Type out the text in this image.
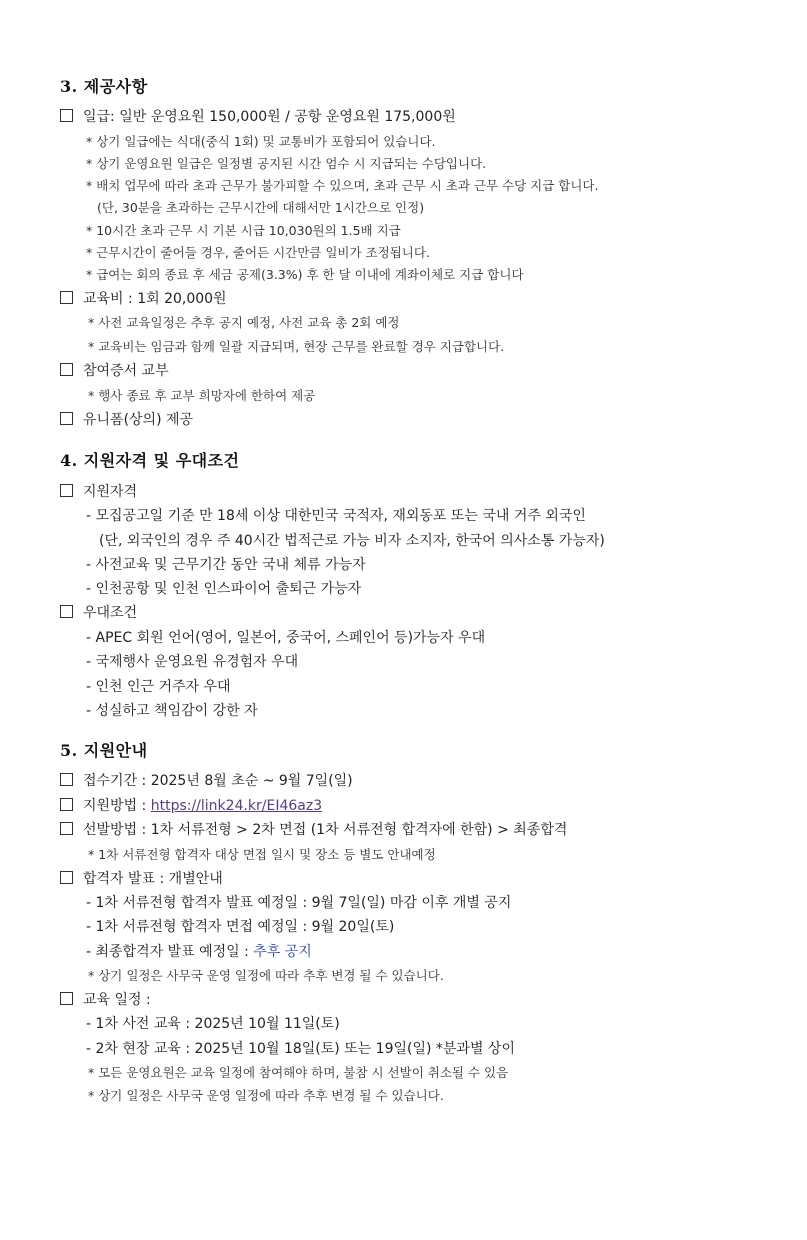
3. 제공사항
일급: 일반 운영요원 150,000원 / 공항 운영요원 175,000원
* 상기 일급에는 식대(중식 1회) 및 교통비가 포함되어 있습니다.
* 상기 운영요원 일급은 일정별 공지된 시간 엄수 시 지급되는 수당입니다.
* 배치 업무에 따라 초과 근무가 불가피할 수 있으며, 초과 근무 시 초과 근무 수당 지급 합니다.
(단, 30분을 초과하는 근무시간에 대해서만 1시간으로 인정)
* 10시간 초과 근무 시 기본 시급 10,030원의 1.5배 지급
* 근무시간이 줄어들 경우, 줄어든 시간만큼 일비가 조정됩니다.
* 급여는 회의 종료 후 세금 공제(3.3%) 후 한 달 이내에 계좌이체로 지급 합니다
교육비 : 1회 20,000원
* 사전 교육일정은 추후 공지 예정, 사전 교육 총 2회 예정
* 교육비는 임금과 함께 일괄 지급되며, 현장 근무를 완료할 경우 지급합니다.
참여증서 교부
* 행사 종료 후 교부 희망자에 한하여 제공
유니폼(상의) 제공
4. 지원자격 및 우대조건
지원자격
- 모집공고일 기준 만 18세 이상 대한민국 국적자, 재외동포 또는 국내 거주 외국인
(단, 외국인의 경우 주 40시간 법적근로 가능 비자 소지자, 한국어 의사소통 가능자)
- 사전교육 및 근무기간 동안 국내 체류 가능자
- 인천공항 및 인천 인스파이어 출퇴근 가능자
우대조건
- APEC 회원 언어(영어, 일본어, 중국어, 스페인어 등)가능자 우대
- 국제행사 운영요원 유경험자 우대
- 인천 인근 거주자 우대
- 성실하고 책임감이 강한 자
5. 지원안내
접수기간 : 2025년 8월 초순 ~ 9월 7일(일)
지원방법 : https://link24.kr/EI46az3
선발방법 : 1차 서류전형 > 2차 면접 (1차 서류전형 합격자에 한함) > 최종합격
* 1차 서류전형 합격자 대상 면접 일시 및 장소 등 별도 안내예정
합격자 발표 : 개별안내
- 1차 서류전형 합격자 발표 예정일 : 9월 7일(일) 마감 이후 개별 공지
- 1차 서류전형 합격자 면접 예정일 : 9월 20일(토)
- 최종합격자 발표 예정일 : 추후 공지
* 상기 일정은 사무국 운영 일정에 따라 추후 변경 될 수 있습니다.
교육 일정 :
- 1차 사전 교육 : 2025년 10월 11일(토)
- 2차 현장 교육 : 2025년 10월 18일(토) 또는 19일(일) *분과별 상이
* 모든 운영요원은 교육 일정에 참여해야 하며, 불참 시 선발이 취소될 수 있음
* 상기 일정은 사무국 운영 일정에 따라 추후 변경 될 수 있습니다.
